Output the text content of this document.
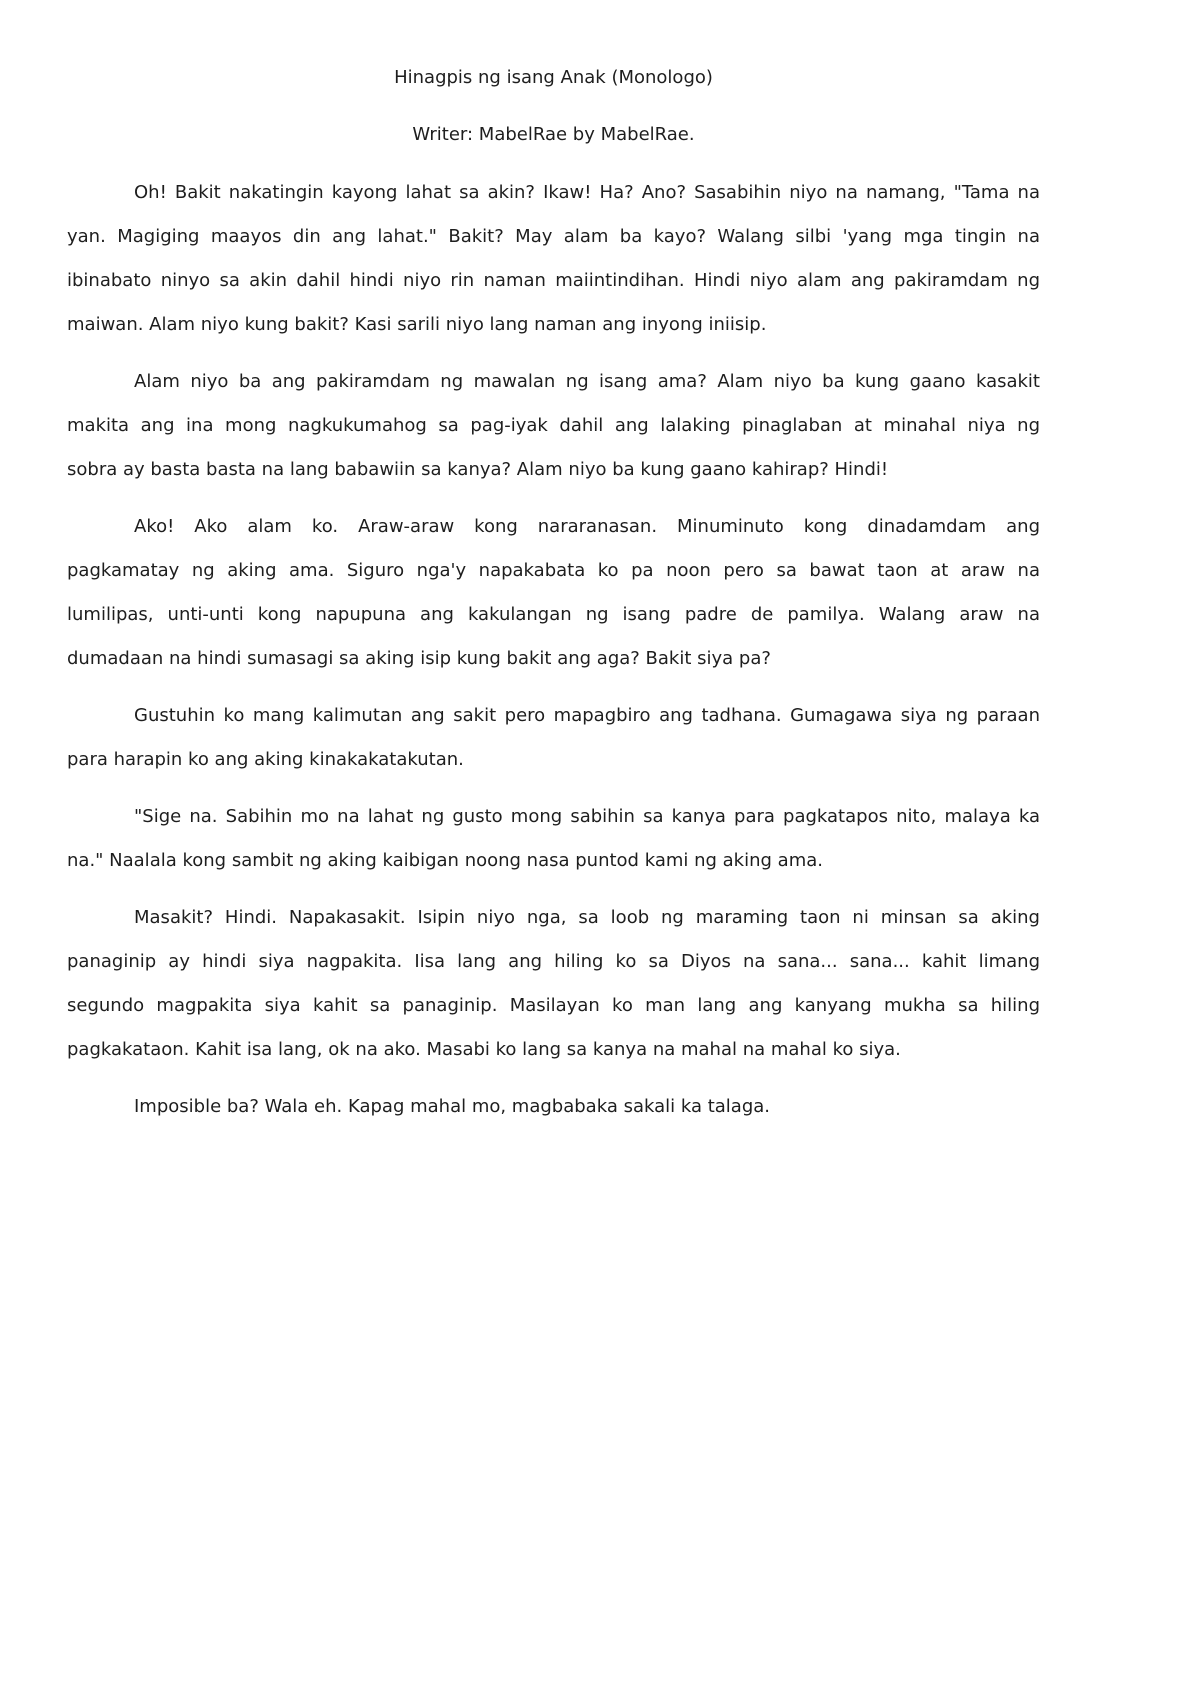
Hinagpis ng isang Anak (Monologo)
Writer: MabelRae by MabelRae.
Oh! Bakit nakatingin kayong lahat sa akin? Ikaw! Ha? Ano? Sasabihin niyo na namang, "Tama na
yan. Magiging maayos din ang lahat." Bakit? May alam ba kayo? Walang silbi 'yang mga tingin na
ibinabato ninyo sa akin dahil hindi niyo rin naman maiintindihan. Hindi niyo alam ang pakiramdam ng
maiwan. Alam niyo kung bakit? Kasi sarili niyo lang naman ang inyong iniisip.
Alam niyo ba ang pakiramdam ng mawalan ng isang ama? Alam niyo ba kung gaano kasakit
makita ang ina mong nagkukumahog sa pag-iyak dahil ang lalaking pinaglaban at minahal niya ng
sobra ay basta basta na lang babawiin sa kanya? Alam niyo ba kung gaano kahirap? Hindi!
Ako! Ako alam ko. Araw-araw kong nararanasan. Minuminuto kong dinadamdam ang
pagkamatay ng aking ama. Siguro nga'y napakabata ko pa noon pero sa bawat taon at araw na
lumilipas, unti-unti kong napupuna ang kakulangan ng isang padre de pamilya. Walang araw na
dumadaan na hindi sumasagi sa aking isip kung bakit ang aga? Bakit siya pa?
Gustuhin ko mang kalimutan ang sakit pero mapagbiro ang tadhana. Gumagawa siya ng paraan
para harapin ko ang aking kinakakatakutan.
"Sige na. Sabihin mo na lahat ng gusto mong sabihin sa kanya para pagkatapos nito, malaya ka
na." Naalala kong sambit ng aking kaibigan noong nasa puntod kami ng aking ama.
Masakit? Hindi. Napakasakit. Isipin niyo nga, sa loob ng maraming taon ni minsan sa aking
panaginip ay hindi siya nagpakita. Iisa lang ang hiling ko sa Diyos na sana... sana... kahit limang
segundo magpakita siya kahit sa panaginip. Masilayan ko man lang ang kanyang mukha sa hiling
pagkakataon. Kahit isa lang, ok na ako. Masabi ko lang sa kanya na mahal na mahal ko siya.
Imposible ba? Wala eh. Kapag mahal mo, magbabaka sakali ka talaga.
